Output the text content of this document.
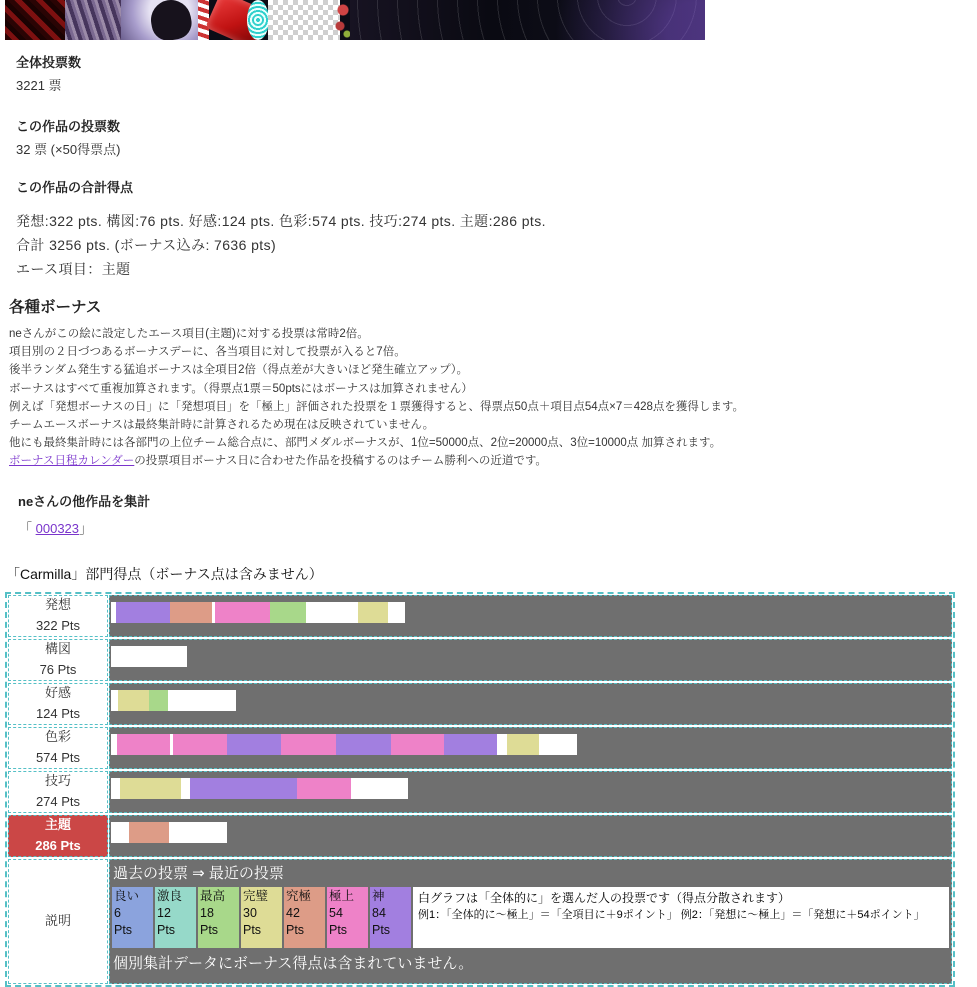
全体投票数
3221 票
この作品の投票数
32 票 (×50得票点)
この作品の合計得点
発想:322 pts. 構図:76 pts. 好感:124 pts. 色彩:574 pts. 技巧:274 pts. 主題:286 pts.
合計 3256 pts. (ボーナス込み: 7636 pts)
エース項目：主題
各種ボーナス
neさんがこの絵に設定したエース項目(主題)に対する投票は常時2倍。
項目別の２日づつあるボーナスデーに、各当項目に対して投票が入ると7倍。
後半ランダム発生する猛追ボーナスは全項目2倍（得点差が大きいほど発生確立アップ）。
ボーナスはすべて重複加算されます。（得票点1票＝50ptsにはボーナスは加算されません）
例えば「発想ボーナスの日」に「発想項目」を「極上」評価された投票を１票獲得すると、得票点50点＋項目点54点×7＝428点を獲得します。
チームエースボーナスは最終集計時に計算されるため現在は反映されていません。
他にも最終集計時には各部門の上位チーム総合点に、部門メダルボーナスが、1位=50000点、2位=20000点、3位=10000点 加算されます。
ボーナス日程カレンダーの投票項目ボーナス日に合わせた作品を投稿するのはチーム勝利への近道です。
neさんの他作品を集計
「 000323」
「Carmilla」部門得点（ボーナス点は含みません）
発想
322 Pts
構図
76 Pts
好感
124 Pts
色彩
574 Pts
技巧
274 Pts
主題
286 Pts
説明
過去の投票 ⇒ 最近の投票
良い
6
Pts
激良
12
Pts
最高
18
Pts
完璧
30
Pts
究極
42
Pts
極上
54
Pts
神
84
Pts
白グラフは「全体的に」を選んだ人の投票です（得点分散されます）
例1：「全体的に～極上」＝「全項目に＋9ポイント」 例2：「発想に～極上」＝「発想に＋54ポイント」
個別集計データにボーナス得点は含まれていません。
